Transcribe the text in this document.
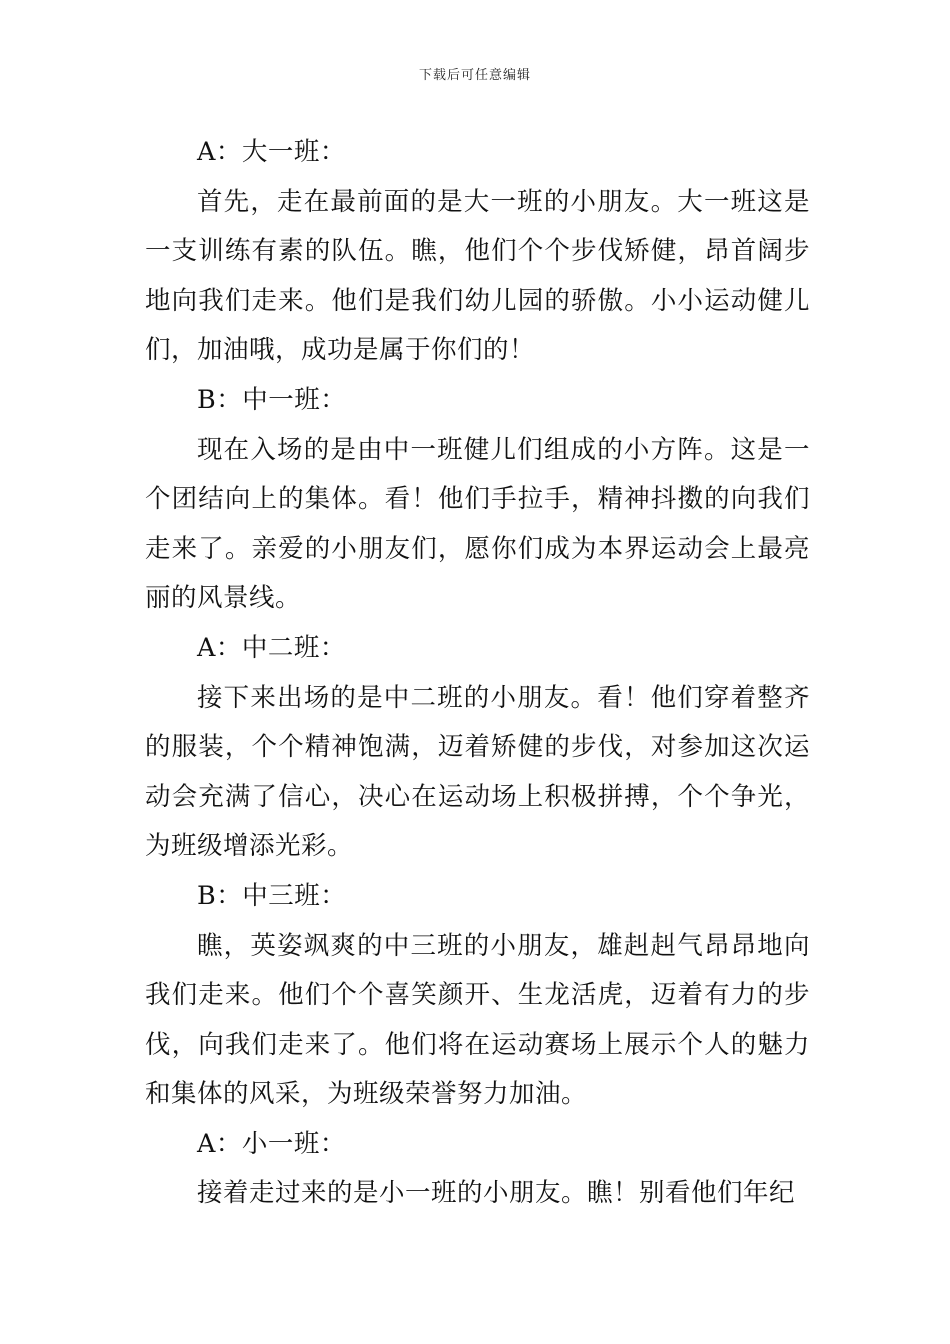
下载后可任意编辑

A：大一班：

首先，走在最前面的是大一班的小朋友。大一班这是一支训练有素的队伍。瞧，他们个个步伐矫健，昂首阔步地向我们走来。他们是我们幼儿园的骄傲。小小运动健儿们，加油哦，成功是属于你们的！

B：中一班：

现在入场的是由中一班健儿们组成的小方阵。这是一个团结向上的集体。看！他们手拉手，精神抖擞的向我们走来了。亲爱的小朋友们，愿你们成为本界运动会上最亮丽的风景线。

A：中二班：

接下来出场的是中二班的小朋友。看！他们穿着整齐的服装，个个精神饱满，迈着矫健的步伐，对参加这次运动会充满了信心，决心在运动场上积极拼搏，个个争光，为班级增添光彩。

B：中三班：

瞧，英姿飒爽的中三班的小朋友，雄赳赳气昂昂地向我们走来。他们个个喜笑颜开、生龙活虎，迈着有力的步伐，向我们走来了。他们将在运动赛场上展示个人的魅力和集体的风采，为班级荣誉努力加油。

A：小一班：

接着走过来的是小一班的小朋友。瞧！别看他们年纪
